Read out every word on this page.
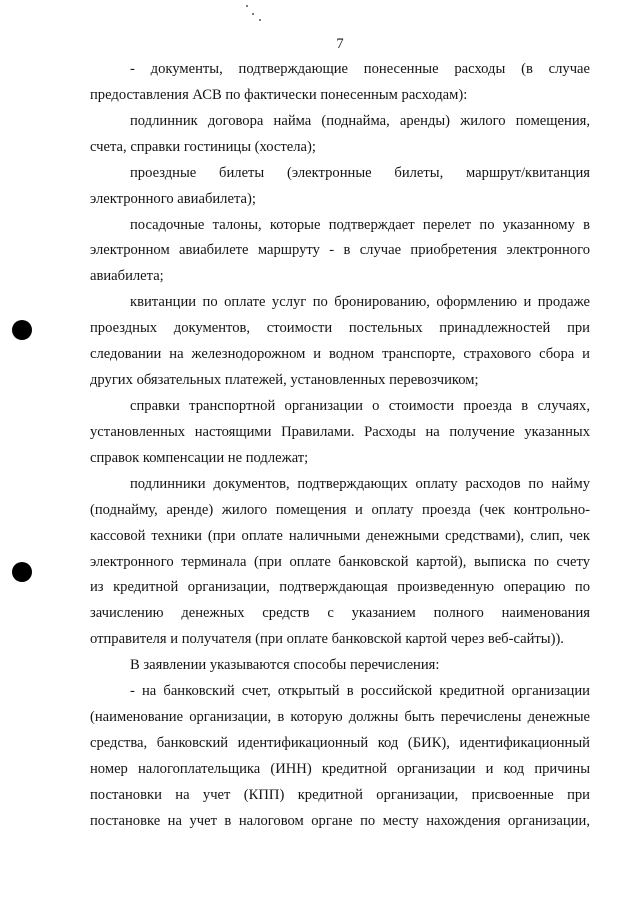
7
- документы, подтверждающие понесенные расходы (в случае
предоставления АСВ по фактически понесенным расходам):
подлинник договора найма (поднайма, аренды) жилого помещения,
счета, справки гостиницы (хостела);
проездные билеты (электронные билеты, маршрут/квитанция
электронного авиабилета);
посадочные талоны, которые подтверждает перелет по указанному в
электронном авиабилете маршруту - в случае приобретения электронного
авиабилета;
квитанции по оплате услуг по бронированию, оформлению и продаже
проездных документов, стоимости постельных принадлежностей при
следовании на железнодорожном и водном транспорте, страхового сбора и
других обязательных платежей, установленных перевозчиком;
справки транспортной организации о стоимости проезда в случаях,
установленных настоящими Правилами. Расходы на получение указанных
справок компенсации не подлежат;
подлинники документов, подтверждающих оплату расходов по найму
(поднайму, аренде) жилого помещения и оплату проезда (чек контрольно-
кассовой техники (при оплате наличными денежными средствами), слип, чек
электронного терминала (при оплате банковской картой), выписка по счету
из кредитной организации, подтверждающая произведенную операцию по
зачислению денежных средств с указанием полного наименования
отправителя и получателя (при оплате банковской картой через веб-сайты)).
В заявлении указываются способы перечисления:
- на банковский счет, открытый в российской кредитной организации
(наименование организации, в которую должны быть перечислены денежные
средства, банковский идентификационный код (БИК), идентификационный
номер налогоплательщика (ИНН) кредитной организации и код причины
постановки на учет (КПП) кредитной организации, присвоенные при
постановке на учет в налоговом органе по месту нахождения организации,
